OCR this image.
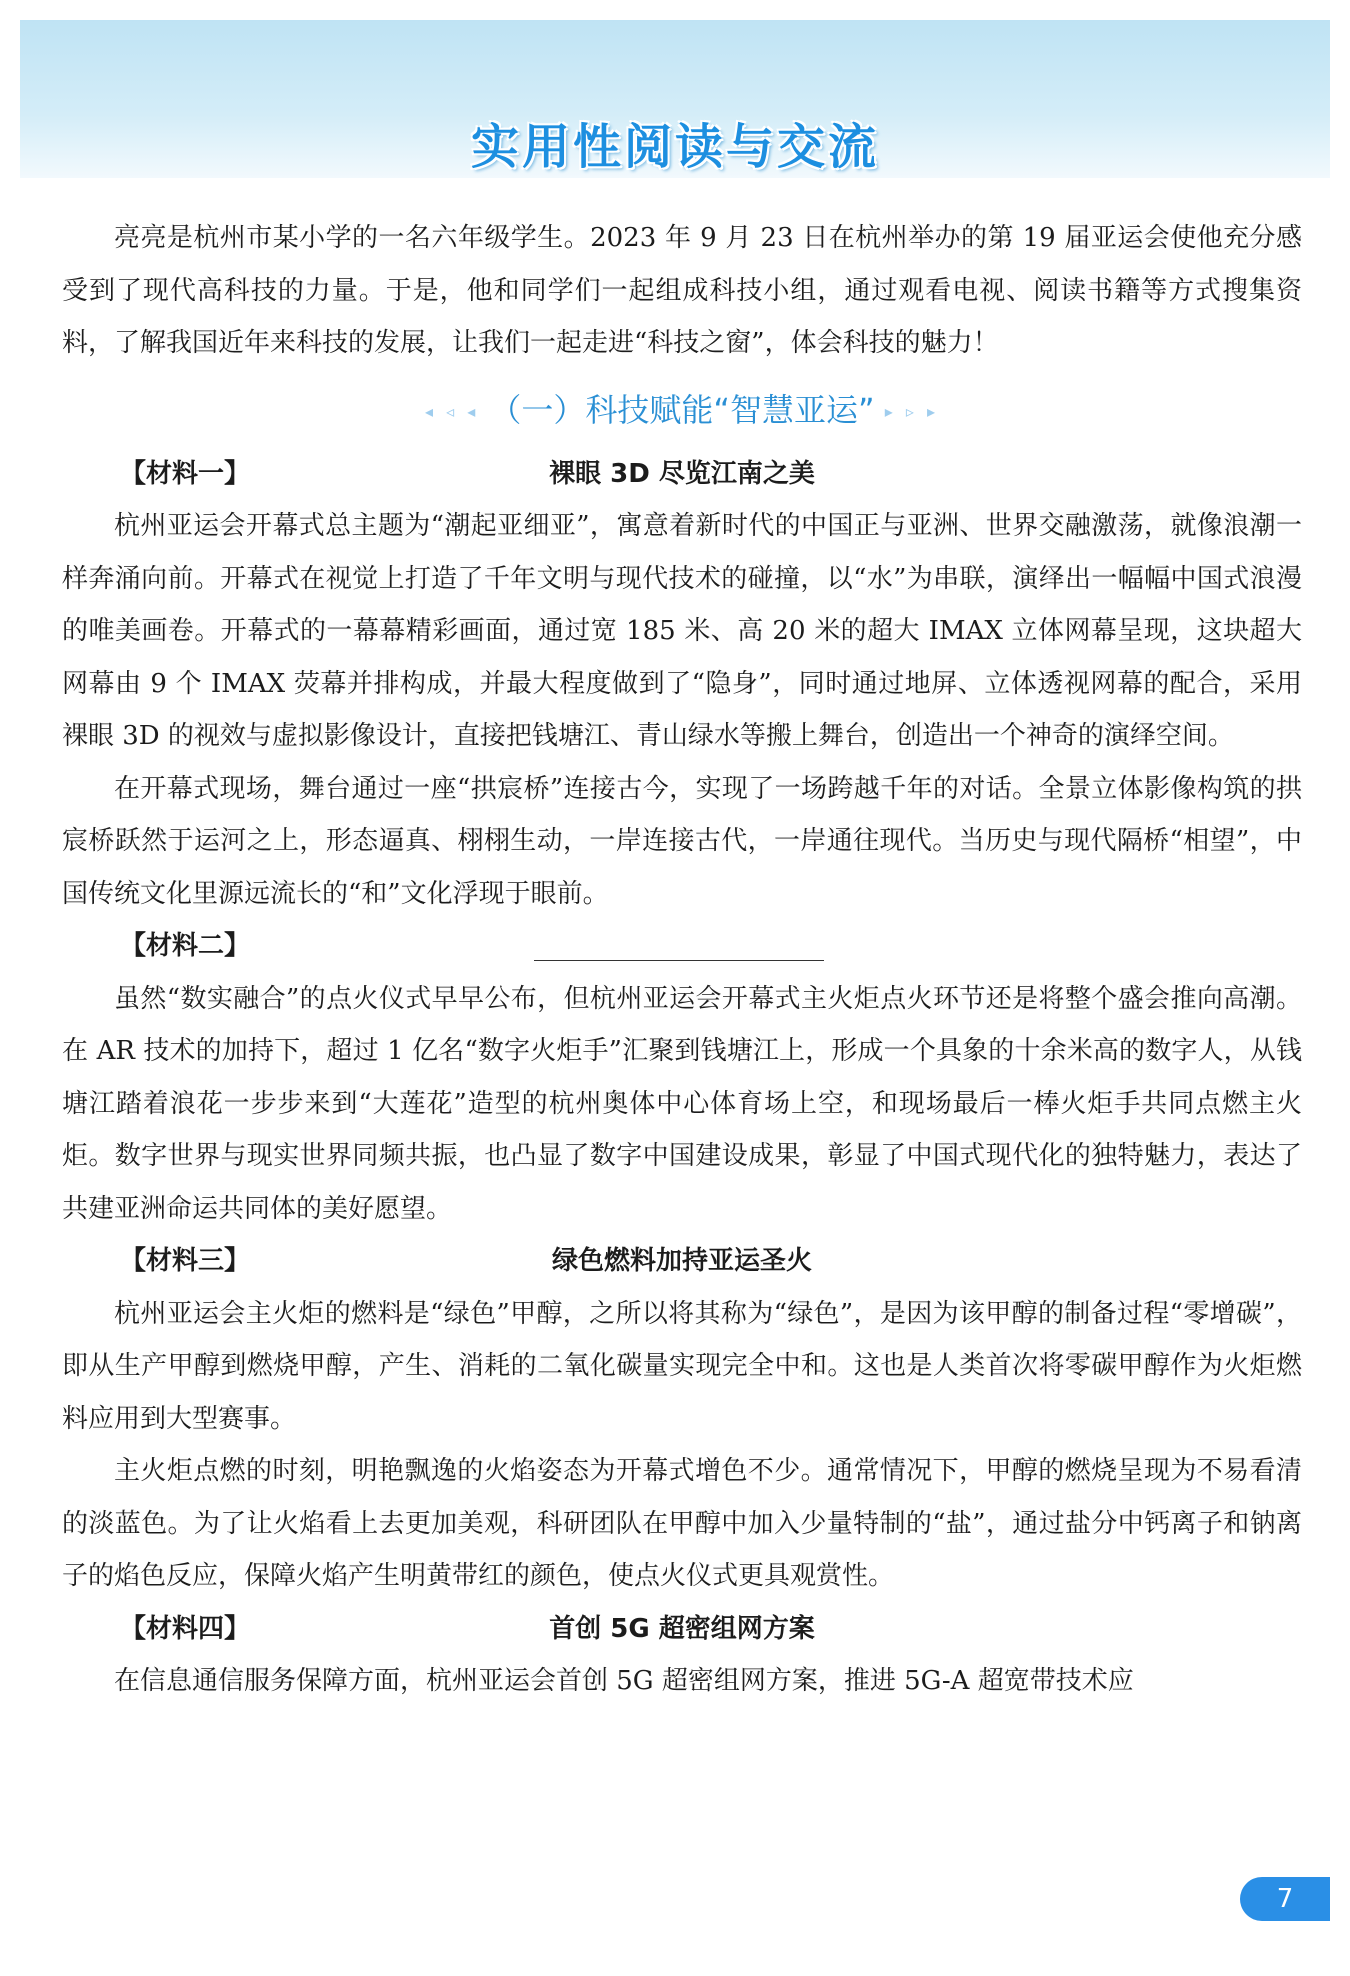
实用性阅读与交流

亮亮是杭州市某小学的一名六年级学生。2023 年 9 月 23 日在杭州举办的第 19 届亚运会使他充分感受到了现代高科技的力量。于是，他和同学们一起组成科技小组，通过观看电视、阅读书籍等方式搜集资料，了解我国近年来科技的发展，让我们一起走进“科技之窗”，体会科技的魅力！

◂ ◃ ◂ （一）科技赋能“智慧亚运” ▸ ▹ ▸
【材料一】	裸眼 3D 尽览江南之美

杭州亚运会开幕式总主题为“潮起亚细亚”，寓意着新时代的中国正与亚洲、世界交融激荡，就像浪潮一样奔涌向前。开幕式在视觉上打造了千年文明与现代技术的碰撞，以“水”为串联，演绎出一幅幅中国式浪漫的唯美画卷。开幕式的一幕幕精彩画面，通过宽 185 米、高 20 米的超大 IMAX 立体网幕呈现，这块超大网幕由 9 个 IMAX 荧幕并排构成，并最大程度做到了“隐身”，同时通过地屏、立体透视网幕的配合，采用裸眼 3D 的视效与虚拟影像设计，直接把钱塘江、青山绿水等搬上舞台，创造出一个神奇的演绎空间。

在开幕式现场，舞台通过一座“拱宸桥”连接古今，实现了一场跨越千年的对话。全景立体影像构筑的拱宸桥跃然于运河之上，形态逼真、栩栩生动，一岸连接古代，一岸通往现代。当历史与现代隔桥“相望”，中国传统文化里源远流长的“和”文化浮现于眼前。

【材料二】

虽然“数实融合”的点火仪式早早公布，但杭州亚运会开幕式主火炬点火环节还是将整个盛会推向高潮。在 AR 技术的加持下，超过 1 亿名“数字火炬手”汇聚到钱塘江上，形成一个具象的十余米高的数字人，从钱塘江踏着浪花一步步来到“大莲花”造型的杭州奥体中心体育场上空，和现场最后一棒火炬手共同点燃主火炬。数字世界与现实世界同频共振，也凸显了数字中国建设成果，彰显了中国式现代化的独特魅力，表达了共建亚洲命运共同体的美好愿望。

【材料三】	绿色燃料加持亚运圣火

杭州亚运会主火炬的燃料是“绿色”甲醇，之所以将其称为“绿色”，是因为该甲醇的制备过程“零增碳”，即从生产甲醇到燃烧甲醇，产生、消耗的二氧化碳量实现完全中和。这也是人类首次将零碳甲醇作为火炬燃料应用到大型赛事。

主火炬点燃的时刻，明艳飘逸的火焰姿态为开幕式增色不少。通常情况下，甲醇的燃烧呈现为不易看清的淡蓝色。为了让火焰看上去更加美观，科研团队在甲醇中加入少量特制的“盐”，通过盐分中钙离子和钠离子的焰色反应，保障火焰产生明黄带红的颜色，使点火仪式更具观赏性。

【材料四】	首创 5G 超密组网方案

在信息通信服务保障方面，杭州亚运会首创 5G 超密组网方案，推进 5G-A 超宽带技术应

7
